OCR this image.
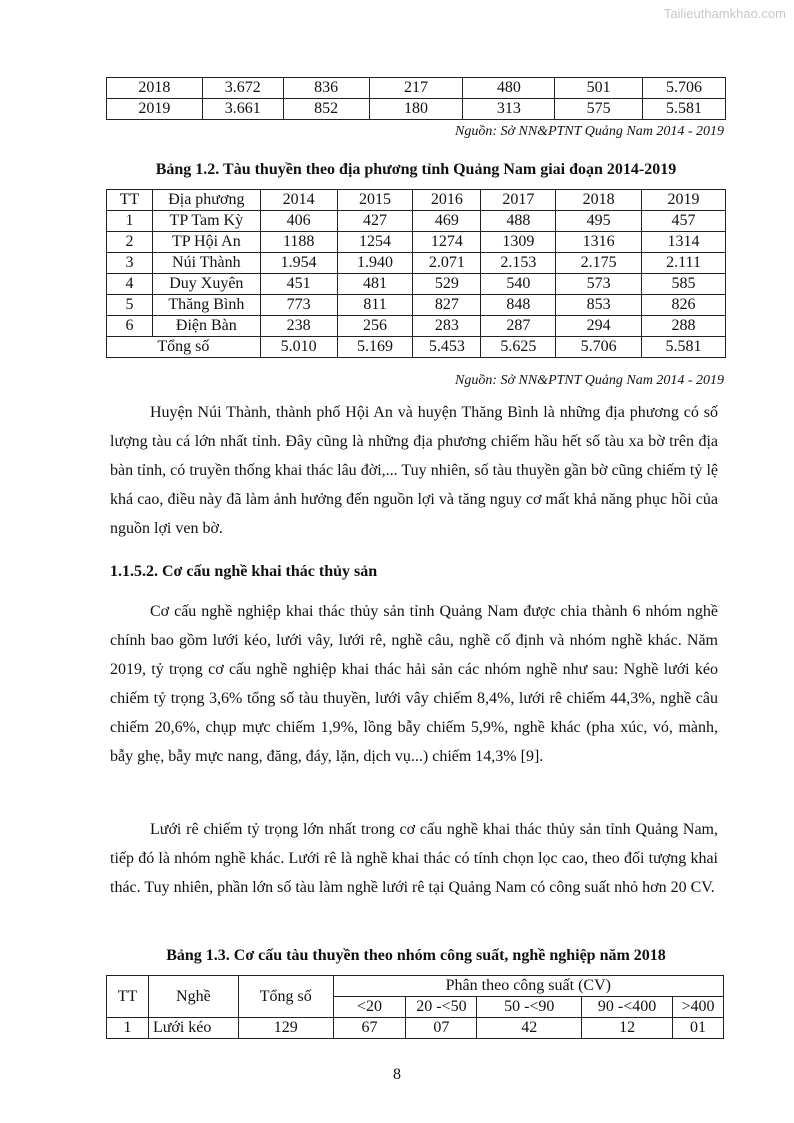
Tailieuthamkhao.com
2018	3.672	836	217	480	501	5.706
2019	3.661	852	180	313	575	5.581
Nguồn: Sở NN&PTNT Quảng Nam 2014 - 2019
Bảng 1.2. Tàu thuyền theo địa phương tỉnh Quảng Nam giai đoạn 2014-2019
TT	Địa phương	2014	2015	2016	2017	2018	2019
1	TP Tam Kỳ	406	427	469	488	495	457
2	TP Hội An	1188	1254	1274	1309	1316	1314
3	Núi Thành	1.954	1.940	2.071	2.153	2.175	2.111
4	Duy Xuyên	451	481	529	540	573	585
5	Thăng Bình	773	811	827	848	853	826
6	Điện Bàn	238	256	283	287	294	288
Tổng số		5.010	5.169	5.453	5.625	5.706	5.581
Nguồn: Sở NN&PTNT Quảng Nam 2014 - 2019
Huyện Núi Thành, thành phố Hội An và huyện Thăng Bình là những địa phương có số lượng tàu cá lớn nhất tỉnh. Đây cũng là những địa phương chiếm hầu hết số tàu xa bờ trên địa bàn tỉnh, có truyền thống khai thác lâu đời,... Tuy nhiên, số tàu thuyền gần bờ cũng chiếm tỷ lệ khá cao, điều này đã làm ảnh hưởng đến nguồn lợi và tăng nguy cơ mất khả năng phục hồi của nguồn lợi ven bờ.
1.1.5.2. Cơ cấu nghề khai thác thủy sản
Cơ cấu nghề nghiệp khai thác thủy sản tỉnh Quảng Nam được chia thành 6 nhóm nghề chính bao gồm lưới kéo, lưới vây, lưới rê, nghề câu, nghề cố định và nhóm nghề khác. Năm 2019, tỷ trọng cơ cấu nghề nghiệp khai thác hải sản các nhóm nghề như sau: Nghề lưới kéo chiếm tỷ trọng 3,6% tổng số tàu thuyền, lưới vây chiếm 8,4%, lưới rê chiếm 44,3%, nghề câu chiếm 20,6%, chụp mực chiếm 1,9%, lồng bẫy chiếm 5,9%, nghề khác (pha xúc, vó, mành, bẫy ghẹ, bẫy mực nang, đăng, đáy, lặn, dịch vụ...) chiếm 14,3% [9].
Lưới rê chiếm tỷ trọng lớn nhất trong cơ cấu nghề khai thác thủy sản tỉnh Quảng Nam, tiếp đó là nhóm nghề khác. Lưới rê là nghề khai thác có tính chọn lọc cao, theo đối tượng khai thác. Tuy nhiên, phần lớn số tàu làm nghề lưới rê tại Quảng Nam có công suất nhỏ hơn 20 CV.
Bảng 1.3. Cơ cấu tàu thuyền theo nhóm công suất, nghề nghiệp năm 2018
TT	Nghề	Tổng số	Phân theo công suất (CV)				
			<20	20 -<50	50 -<90	90 -<400	>400
1	Lưới kéo	129	67	07	42	12	01
8
